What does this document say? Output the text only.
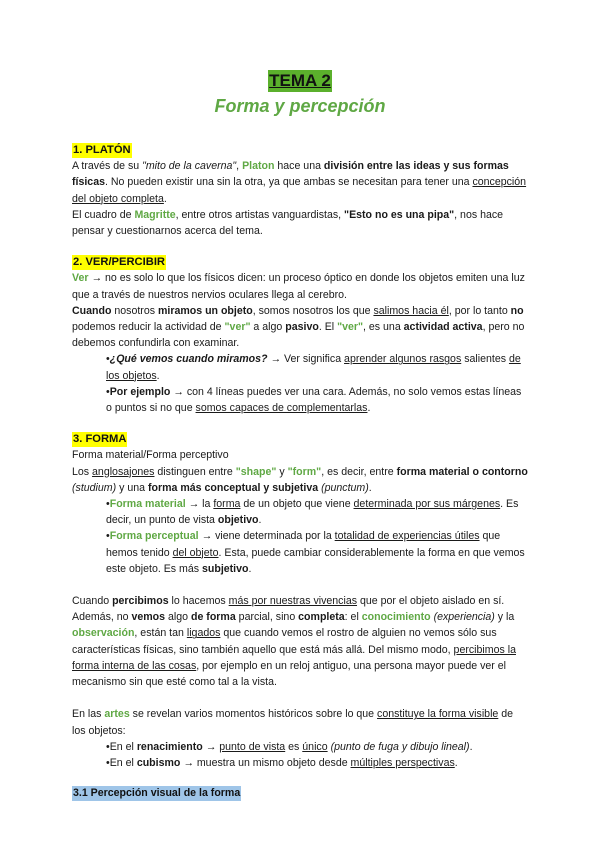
TEMA 2
Forma y percepción
1. PLATÓN

A través de su "mito de la caverna", Platon hace una división entre las ideas y sus formas físicas. No pueden existir una sin la otra, ya que ambas se necesitan para tener una concepción del objeto completa.

El cuadro de Magritte, entre otros artistas vanguardistas, "Esto no es una pipa", nos hace pensar y cuestionarnos acerca del tema.

2. VER/PERCIBIR

Ver → no es solo lo que los físicos dicen: un proceso óptico en donde los objetos emiten una luz que a través de nuestros nervios oculares llega al cerebro.

Cuando nosotros miramos un objeto, somos nosotros los que salimos hacia él, por lo tanto no podemos reducir la actividad de "ver" a algo pasivo. El "ver", es una actividad activa, pero no debemos confundirla con examinar.

•¿Qué vemos cuando miramos? → Ver significa aprender algunos rasgos salientes de los objetos.

•Por ejemplo → con 4 líneas puedes ver una cara. Además, no solo vemos estas líneas o puntos si no que somos capaces de complementarlas.

3. FORMA

Forma material/Forma perceptivo

Los anglosajones distinguen entre "shape" y "form", es decir, entre forma material o contorno (studium) y una forma más conceptual y subjetiva (punctum).

•Forma material → la forma de un objeto que viene determinada por sus márgenes. Es decir, un punto de vista objetivo.

•Forma perceptual → viene determinada por la totalidad de experiencias útiles que hemos tenido del objeto. Esta, puede cambiar considerablemente la forma en que vemos este objeto. Es más subjetivo.

Cuando percibimos lo hacemos más por nuestras vivencias que por el objeto aislado en sí. Además, no vemos algo de forma parcial, sino completa: el conocimiento (experiencia) y la observación, están tan ligados que cuando vemos el rostro de alguien no vemos sólo sus características físicas, sino también aquello que está más allá. Del mismo modo, percibimos la forma interna de las cosas, por ejemplo en un reloj antiguo, una persona mayor puede ver el mecanismo sin que esté como tal a la vista.

En las artes se revelan varios momentos históricos sobre lo que constituye la forma visible de los objetos:

•En el renacimiento → punto de vista es único (punto de fuga y dibujo lineal).

•En el cubismo → muestra un mismo objeto desde múltiples perspectivas.

3.1 Percepción visual de la forma
